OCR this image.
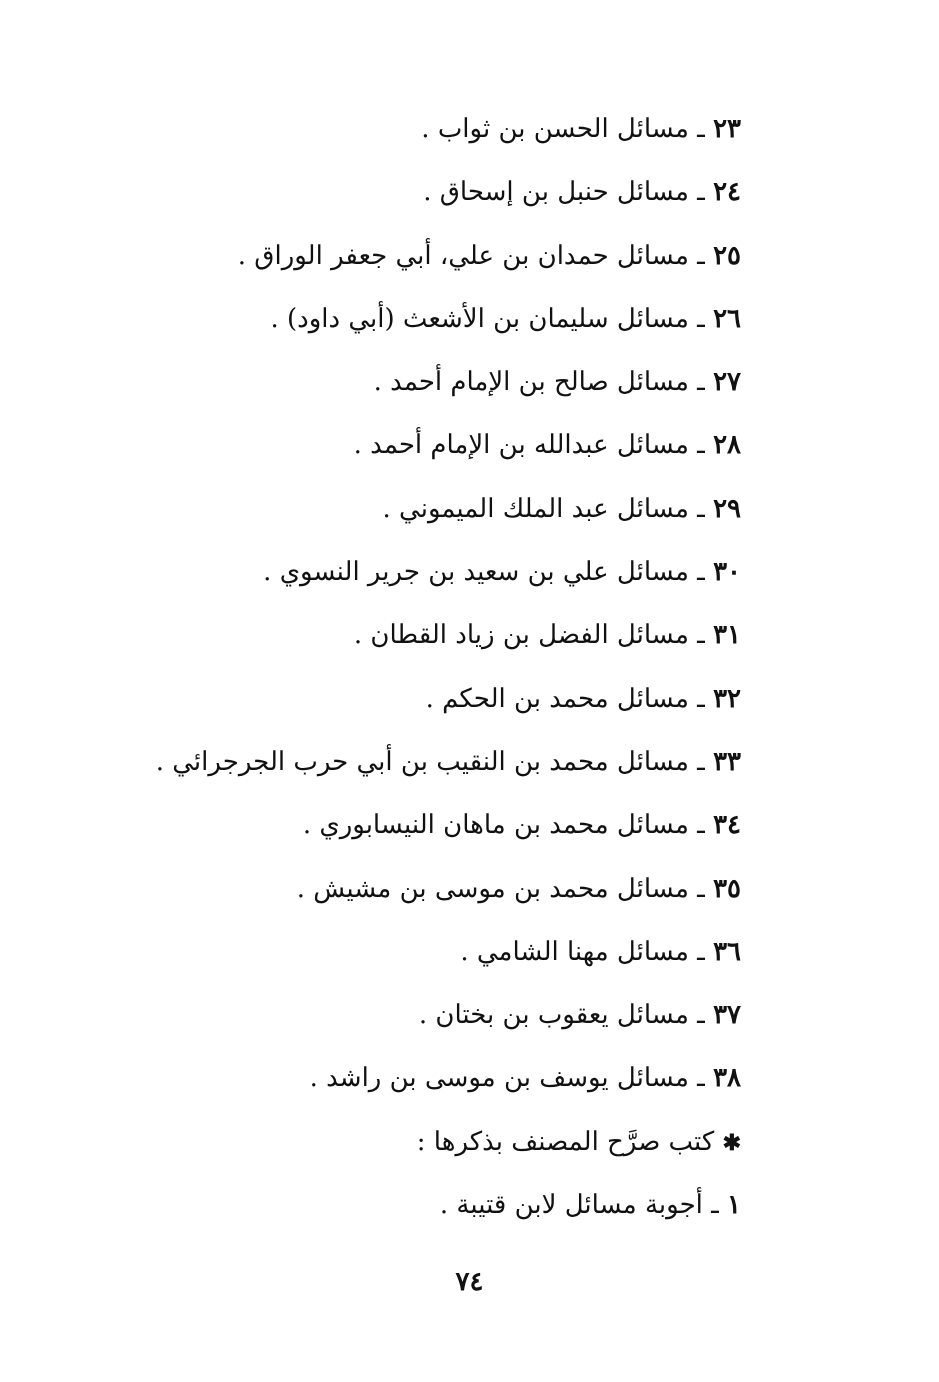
٢٣ ـ مسائل الحسن بن ثواب .
٢٤ ـ مسائل حنبل بن إسحاق .
٢٥ ـ مسائل حمدان بن علي، أبي جعفر الوراق .
٢٦ ـ مسائل سليمان بن الأشعث (أبي داود) .
٢٧ ـ مسائل صالح بن الإمام أحمد .
٢٨ ـ مسائل عبدالله بن الإمام أحمد .
٢٩ ـ مسائل عبد الملك الميموني .
٣٠ ـ مسائل علي بن سعيد بن جرير النسوي .
٣١ ـ مسائل الفضل بن زياد القطان .
٣٢ ـ مسائل محمد بن الحكم .
٣٣ ـ مسائل محمد بن النقيب بن أبي حرب الجرجرائي .
٣٤ ـ مسائل محمد بن ماهان النيسابوري .
٣٥ ـ مسائل محمد بن موسى بن مشيش .
٣٦ ـ مسائل مهنا الشامي .
٣٧ ـ مسائل يعقوب بن بختان .
٣٨ ـ مسائل يوسف بن موسى بن راشد .
✱ كتب صرَّح المصنف بذكرها :
١ ـ أجوبة مسائل لابن قتيبة .
٧٤
